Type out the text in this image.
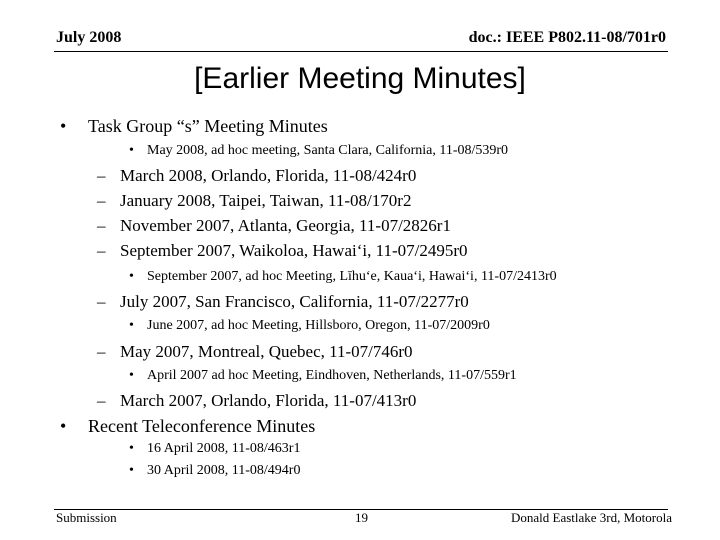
July 2008	doc.: IEEE P802.11-08/701r0
[Earlier Meeting Minutes]
• Task Group “s” Meeting Minutes
• May 2008, ad hoc meeting, Santa Clara, California, 11-08/539r0
– March 2008, Orlando, Florida, 11-08/424r0
– January 2008, Taipei, Taiwan, 11-08/170r2
– November 2007, Atlanta, Georgia, 11-07/2826r1
– September 2007, Waikoloa, Hawai‘i, 11-07/2495r0
• September 2007, ad hoc Meeting, Līhu‘e, Kaua‘i, Hawai‘i, 11-07/2413r0
– July 2007, San Francisco, California, 11-07/2277r0
• June 2007, ad hoc Meeting, Hillsboro, Oregon, 11-07/2009r0
– May 2007, Montreal, Quebec, 11-07/746r0
• April 2007 ad hoc Meeting, Eindhoven, Netherlands, 11-07/559r1
– March 2007, Orlando, Florida, 11-07/413r0
• Recent Teleconference Minutes
• 16 April 2008, 11-08/463r1
• 30 April 2008, 11-08/494r0
Submission	19	Donald Eastlake 3rd, Motorola
